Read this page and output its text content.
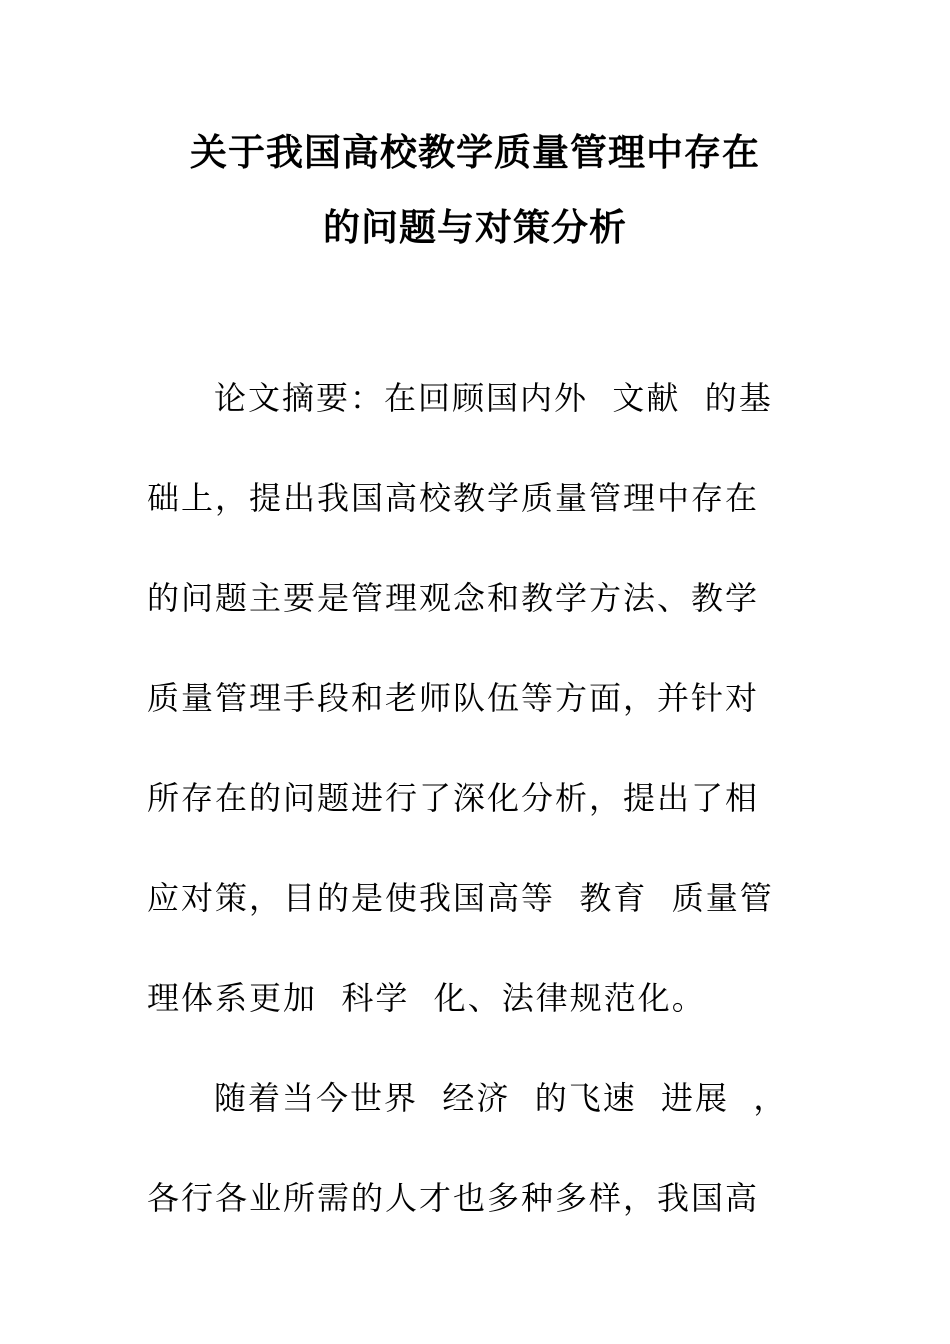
关于我国高校教学质量管理中存在
的问题与对策分析
论文摘要：在回顾国内外  文献  的基
础上，提出我国高校教学质量管理中存在
的问题主要是管理观念和教学方法、教学
质量管理手段和老师队伍等方面，并针对
所存在的问题进行了深化分析，提出了相
应对策，目的是使我国高等  教育  质量管
理体系更加  科学  化、法律规范化。
随着当今世界  经济  的飞速  进展  ，
各行各业所需的人才也多种多样，我国高
